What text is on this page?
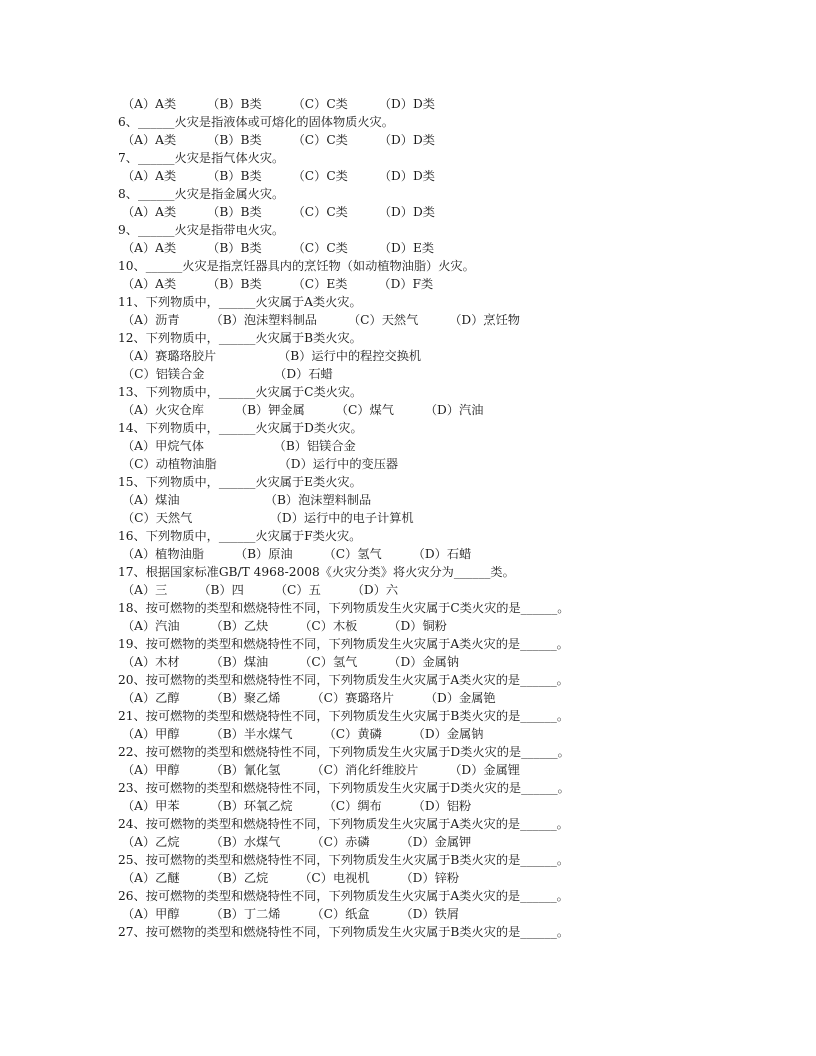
（A）A类        （B）B类        （C）C类        （D）D类
6、______火灾是指液体或可熔化的固体物质火灾。
（A）A类        （B）B类        （C）C类        （D）D类
7、______火灾是指气体火灾。
（A）A类        （B）B类        （C）C类        （D）D类
8、______火灾是指金属火灾。
（A）A类        （B）B类        （C）C类        （D）D类
9、______火灾是指带电火灾。
（A）A类        （B）B类        （C）C类        （D）E类
10、______火灾是指烹饪器具内的烹饪物（如动植物油脂）火灾。
（A）A类        （B）B类        （C）E类        （D）F类
11、下列物质中，______火灾属于A类火灾。
（A）沥青        （B）泡沫塑料制品        （C）天然气        （D）烹饪物
12、下列物质中，______火灾属于B类火灾。
（A）赛璐珞胶片                （B）运行中的程控交换机
（C）铝镁合金                  （D）石蜡
13、下列物质中，______火灾属于C类火灾。
（A）火灾仓库        （B）钾金属        （C）煤气        （D）汽油
14、下列物质中，______火灾属于D类火灾。
（A）甲烷气体                  （B）铝镁合金
（C）动植物油脂                （D）运行中的变压器
15、下列物质中，______火灾属于E类火灾。
（A）煤油                      （B）泡沫塑料制品
（C）天然气                    （D）运行中的电子计算机
16、下列物质中，______火灾属于F类火灾。
（A）植物油脂        （B）原油        （C）氢气        （D）石蜡
17、根据国家标准GB/T 4968-2008《火灾分类》将火灾分为______类。
（A）三        （B）四        （C）五        （D）六
18、按可燃物的类型和燃烧特性不同，下列物质发生火灾属于C类火灾的是______。
（A）汽油        （B）乙炔        （C）木板        （D）铜粉
19、按可燃物的类型和燃烧特性不同，下列物质发生火灾属于A类火灾的是______。
（A）木材        （B）煤油        （C）氢气        （D）金属钠
20、按可燃物的类型和燃烧特性不同，下列物质发生火灾属于A类火灾的是______。
（A）乙醇        （B）聚乙烯        （C）赛璐珞片        （D）金属铯
21、按可燃物的类型和燃烧特性不同，下列物质发生火灾属于B类火灾的是______。
（A）甲醇        （B）半水煤气        （C）黄磷        （D）金属钠
22、按可燃物的类型和燃烧特性不同，下列物质发生火灾属于D类火灾的是______。
（A）甲醇        （B）氰化氢        （C）消化纤维胶片        （D）金属锂
23、按可燃物的类型和燃烧特性不同，下列物质发生火灾属于D类火灾的是______。
（A）甲苯        （B）环氧乙烷        （C）绸布        （D）铝粉
24、按可燃物的类型和燃烧特性不同，下列物质发生火灾属于A类火灾的是______。
（A）乙烷        （B）水煤气        （C）赤磷        （D）金属钾
25、按可燃物的类型和燃烧特性不同，下列物质发生火灾属于B类火灾的是______。
（A）乙醚        （B）乙烷        （C）电视机        （D）锌粉
26、按可燃物的类型和燃烧特性不同，下列物质发生火灾属于A类火灾的是______。
（A）甲醇        （B）丁二烯        （C）纸盒        （D）铁屑
27、按可燃物的类型和燃烧特性不同，下列物质发生火灾属于B类火灾的是______。
